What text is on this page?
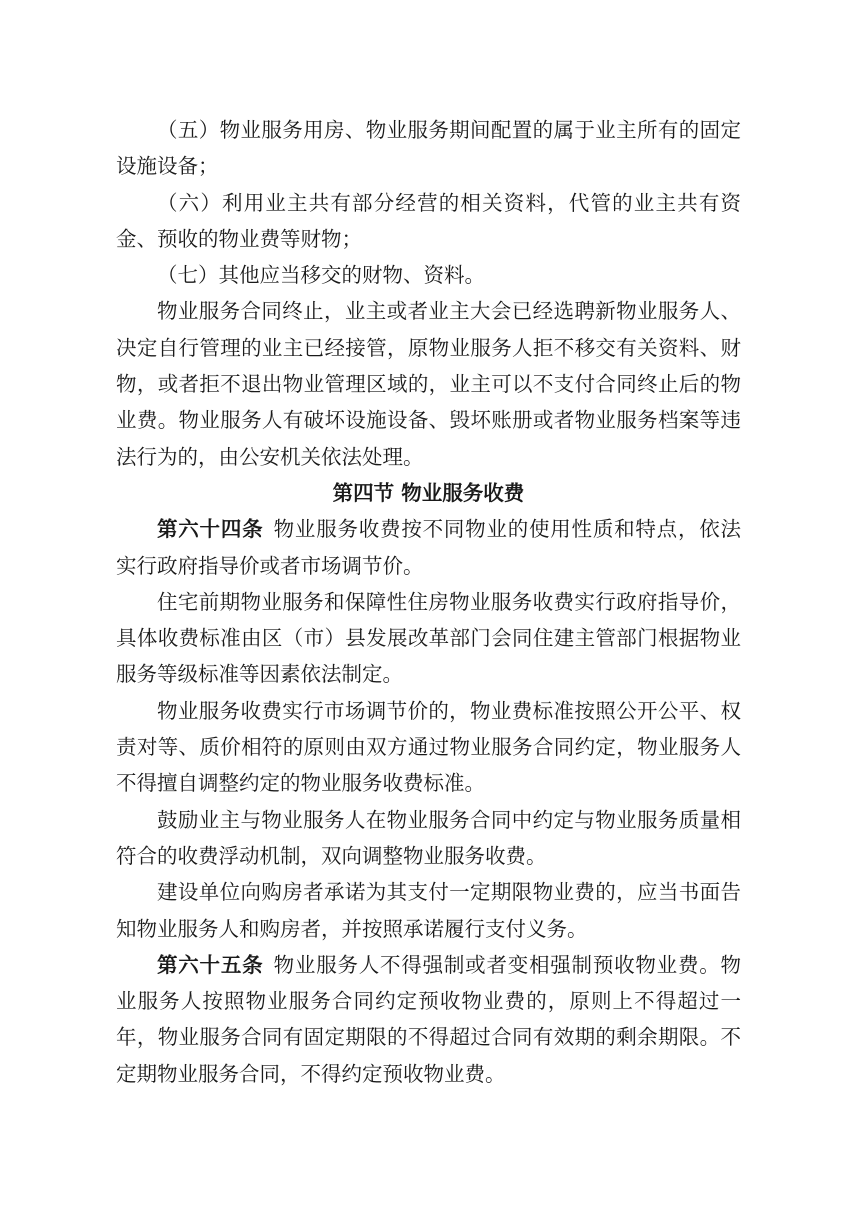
（五）物业服务用房、物业服务期间配置的属于业主所有的固定设施设备；

（六）利用业主共有部分经营的相关资料，代管的业主共有资金、预收的物业费等财物；

（七）其他应当移交的财物、资料。

物业服务合同终止，业主或者业主大会已经选聘新物业服务人、决定自行管理的业主已经接管，原物业服务人拒不移交有关资料、财物，或者拒不退出物业管理区域的，业主可以不支付合同终止后的物业费。物业服务人有破坏设施设备、毁坏账册或者物业服务档案等违法行为的，由公安机关依法处理。

第四节 物业服务收费

第六十四条 物业服务收费按不同物业的使用性质和特点，依法实行政府指导价或者市场调节价。

住宅前期物业服务和保障性住房物业服务收费实行政府指导价，具体收费标准由区（市）县发展改革部门会同住建主管部门根据物业服务等级标准等因素依法制定。

物业服务收费实行市场调节价的，物业费标准按照公开公平、权责对等、质价相符的原则由双方通过物业服务合同约定，物业服务人不得擅自调整约定的物业服务收费标准。

鼓励业主与物业服务人在物业服务合同中约定与物业服务质量相符合的收费浮动机制，双向调整物业服务收费。

建设单位向购房者承诺为其支付一定期限物业费的，应当书面告知物业服务人和购房者，并按照承诺履行支付义务。

第六十五条 物业服务人不得强制或者变相强制预收物业费。物业服务人按照物业服务合同约定预收物业费的，原则上不得超过一年，物业服务合同有固定期限的不得超过合同有效期的剩余期限。不定期物业服务合同，不得约定预收物业费。
